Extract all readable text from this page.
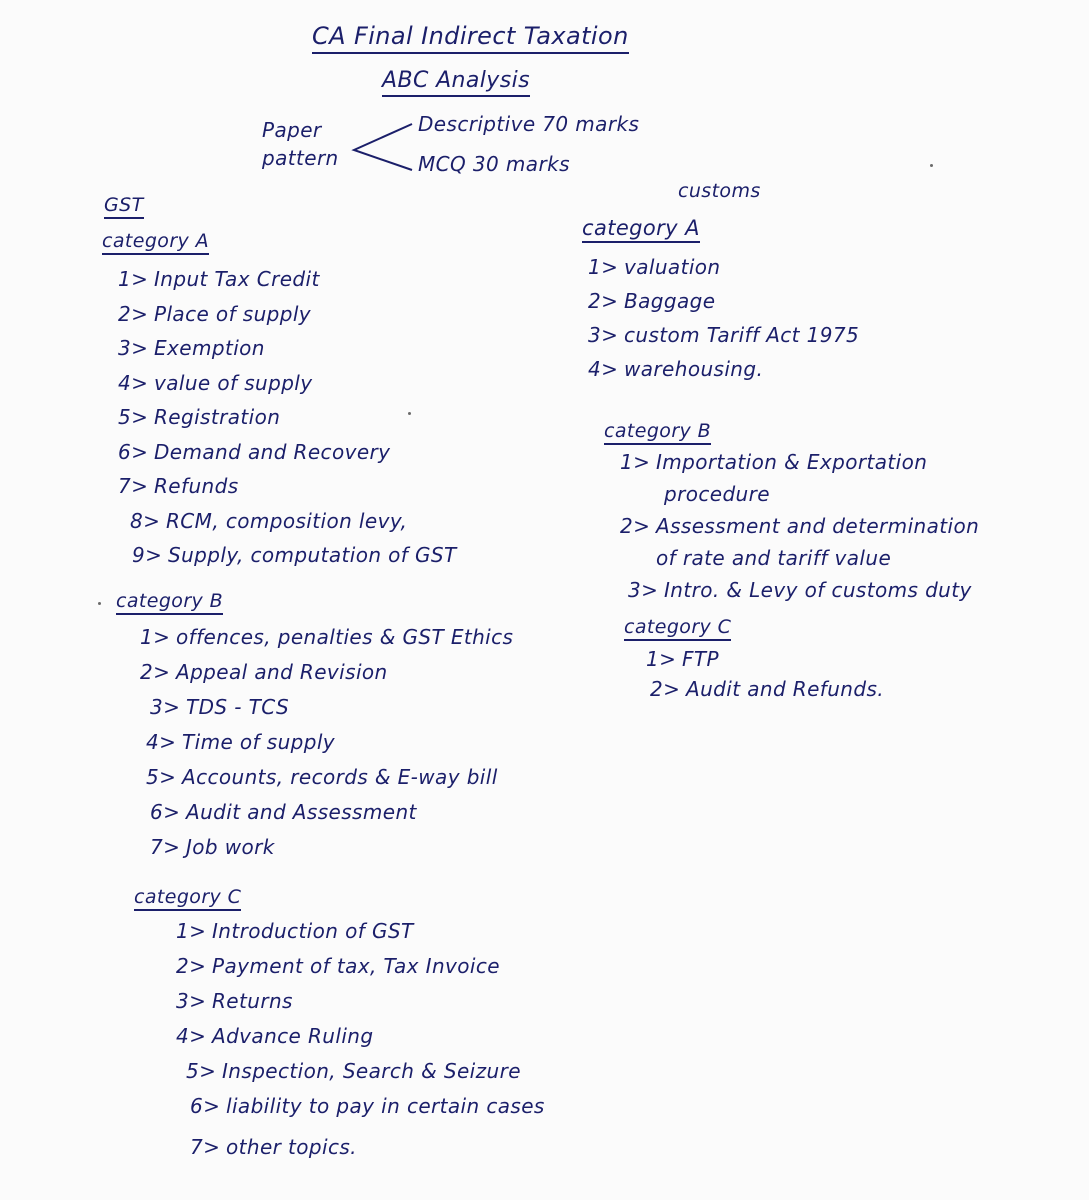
CA Final Indirect Taxation
ABC Analysis
Paper
pattern
Descriptive 70 marks
MCQ 30 marks
GST
category A
1> Input Tax Credit
2> Place of supply
3> Exemption
4> value of supply
5> Registration
6> Demand and Recovery
7> Refunds
8> RCM, composition levy,
9> Supply, computation of GST
category B
1> offences, penalties & GST Ethics
2> Appeal and Revision
3> TDS - TCS
4> Time of supply
5> Accounts, records & E-way bill
6> Audit and Assessment
7> Job work
category C
1> Introduction of GST
2> Payment of tax, Tax Invoice
3> Returns
4> Advance Ruling
5> Inspection, Search & Seizure
6> liability to pay in certain cases
7> other topics.
customs
category A
1> valuation
2> Baggage
3> custom Tariff Act 1975
4> warehousing.
category B
1> Importation & Exportation
procedure
2> Assessment and determination
of rate and tariff value
3> Intro. & Levy of customs duty
category C
1> FTP
2> Audit and Refunds.
